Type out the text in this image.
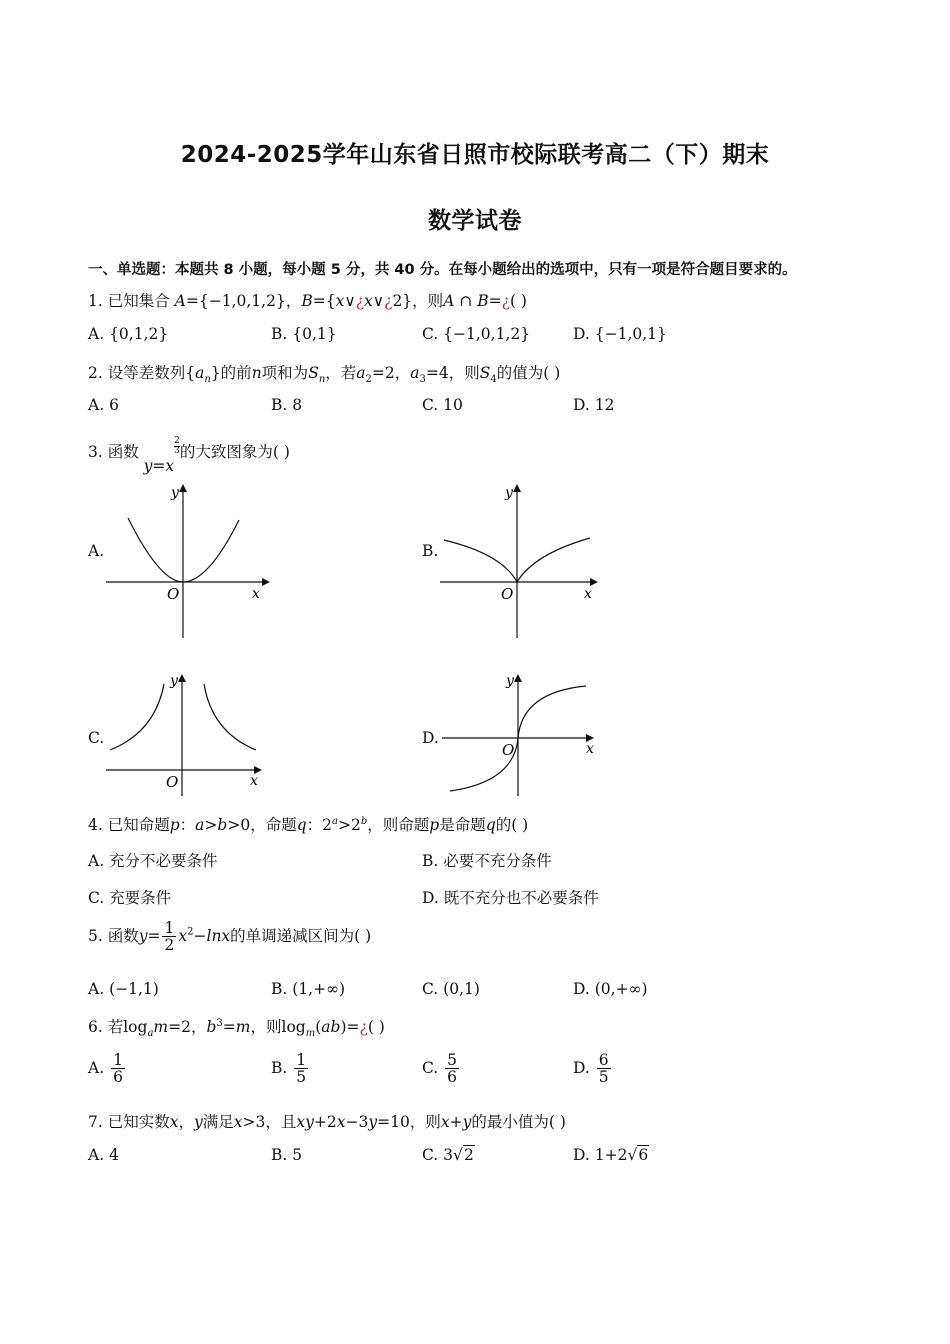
2024-2025学年山东省日照市校际联考高二（下）期末
数学试卷
一、单选题：本题共 8 小题，每小题 5 分，共 40 分。在每小题给出的选项中，只有一项是符合题目要求的。
1. 已知集合 A={−1,0,1,2}，B={x∨¿x∨¿2}，则A ∩ B=¿( )
A. {0,1,2}	B. {0,1}	C. {−1,0,1,2}	D. {−1,0,1}
2. 设等差数列$\{a_n\}$的前n项和为$S_n$，若$a_2=2$，$a_3=4$，则$S_4$的值为( )
A. 6	B. 8	C. 10	D. 12
3. 函数 y=x
$\frac{2}{3}$的大致图象为( )
A.
y
x
O
B.
y
x
O
C.
y
x
O
D.
y
x
O
4. 已知命题p：a>b>0，命题q：$2^a>2^b$，则命题p是命题q的( )
A. 充分不必要条件	B. 必要不充分条件
C. 充要条件	D. 既不充分也不必要条件
5. 函数$y= \frac{1}{2} x^2-\ln x$的单调递减区间为( )
A. (−1,1)	B. (1,+∞)	C. (0,1)	D. (0,+∞)
6. 若$\log_am=2$，$b^3=m$，则$\log_m(ab)=¿$( )
A. $\frac{1}{6}$	B. $\frac{1}{5}$	C. $\frac{5}{6}$	D. $\frac{6}{5}$
7. 已知实数x，y满足x>3，且xy+2x−3y=10，则x+y的最小值为( )
A. 4	B. 5	C. 3√2	D. 1+2√6
